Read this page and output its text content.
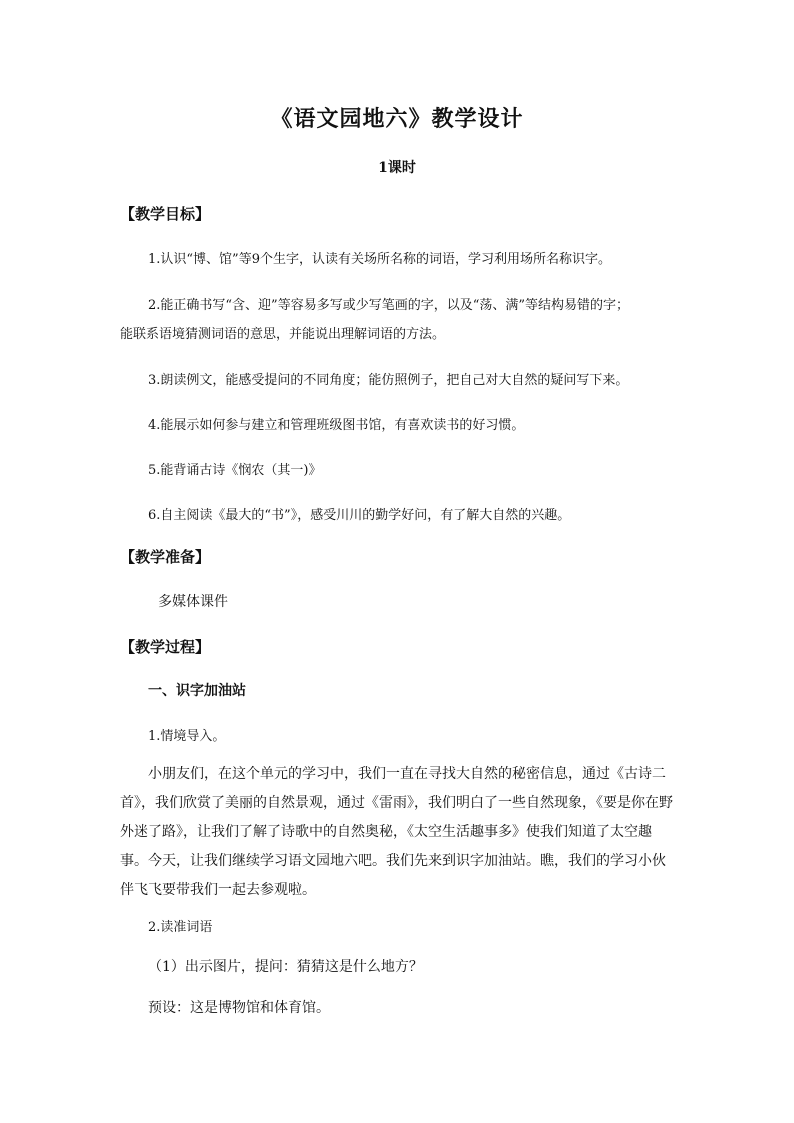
《语文园地六》教学设计
1课时
【教学目标】
1.认识“博、馆”等9个生字，认读有关场所名称的词语，学习利用场所名称识字。
2.能正确书写“含、迎”等容易多写或少写笔画的字，以及“荡、满”等结构易错的字；
能联系语境猜测词语的意思，并能说出理解词语的方法。
3.朗读例文，能感受提问的不同角度；能仿照例子，把自己对大自然的疑问写下来。
4.能展示如何参与建立和管理班级图书馆，有喜欢读书的好习惯。
5.能背诵古诗《悯农（其一)》
6.自主阅读《最大的“书”》，感受川川的勤学好问，有了解大自然的兴趣。
【教学准备】
多媒体课件
【教学过程】
一、识字加油站
1.情境导入。
小朋友们，在这个单元的学习中，我们一直在寻找大自然的秘密信息，通过《古诗二首》，我们欣赏了美丽的自然景观，通过《雷雨》，我们明白了一些自然现象，《要是你在野外迷了路》，让我们了解了诗歌中的自然奥秘，《太空生活趣事多》使我们知道了太空趣事。今天，让我们继续学习语文园地六吧。我们先来到识字加油站。瞧，我们的学习小伙伴飞飞要带我们一起去参观啦。
2.读准词语
（1）出示图片，提问：猜猜这是什么地方？
预设：这是博物馆和体育馆。
